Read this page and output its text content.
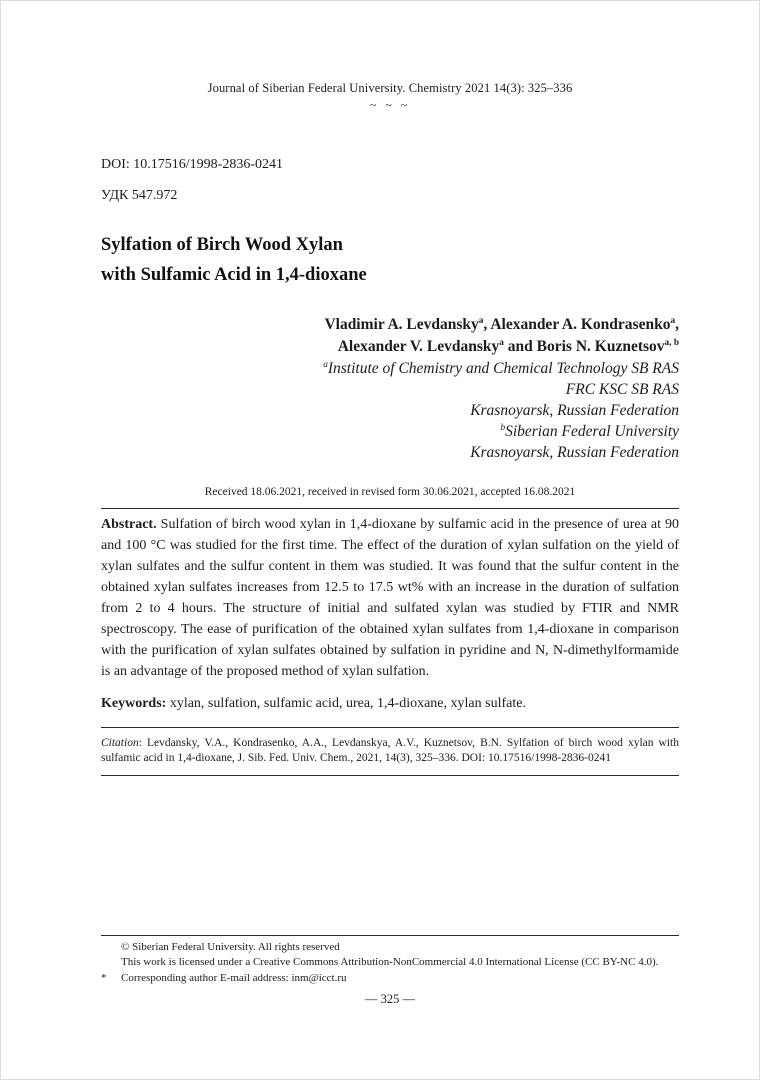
Journal of Siberian Federal University. Chemistry 2021 14(3): 325–336

~ ~ ~

DOI: 10.17516/1998-2836-0241

УДК 547.972

Sylfation of Birch Wood Xylan
with Sulfamic Acid in 1,4-dioxane

Vladimir A. Levdansky$^a$, Alexander A. Kondrasenko$^a$,

Alexander V. Levdansky$^a$ and Boris N. Kuznetsov$^{a, b}$

$^a$Institute of Chemistry and Chemical Technology SB RAS

FRC KSC SB RAS

Krasnoyarsk, Russian Federation

$^b$Siberian Federal University

Krasnoyarsk, Russian Federation

Received 18.06.2021, received in revised form 30.06.2021, accepted 16.08.2021

Abstract. Sulfation of birch wood xylan in 1,4-dioxane by sulfamic acid in the presence of urea at 90 and 100 °C was studied for the first time. The effect of the duration of xylan sulfation on the yield of xylan sulfates and the sulfur content in them was studied. It was found that the sulfur content in the obtained xylan sulfates increases from 12.5 to 17.5 wt% with an increase in the duration of sulfation from 2 to 4 hours. The structure of initial and sulfated xylan was studied by FTIR and NMR spectroscopy. The ease of purification of the obtained xylan sulfates from 1,4-dioxane in comparison with the purification of xylan sulfates obtained by sulfation in pyridine and N, N-dimethylformamide is an advantage of the proposed method of xylan sulfation.

Keywords: xylan, sulfation, sulfamic acid, urea, 1,4-dioxane, xylan sulfate.

Citation: Levdansky, V.A., Kondrasenko, A.A., Levdanskya, A.V., Kuznetsov, B.N. Sylfation of birch wood xylan with sulfamic acid in 1,4-dioxane, J. Sib. Fed. Univ. Chem., 2021, 14(3), 325–336. DOI: 10.17516/1998-2836-0241

© Siberian Federal University. All rights reserved

This work is licensed under a Creative Commons Attribution-NonCommercial 4.0 International License (CC BY-NC 4.0).

*	Corresponding author E-mail address: inm@icct.ru

— 325 —
